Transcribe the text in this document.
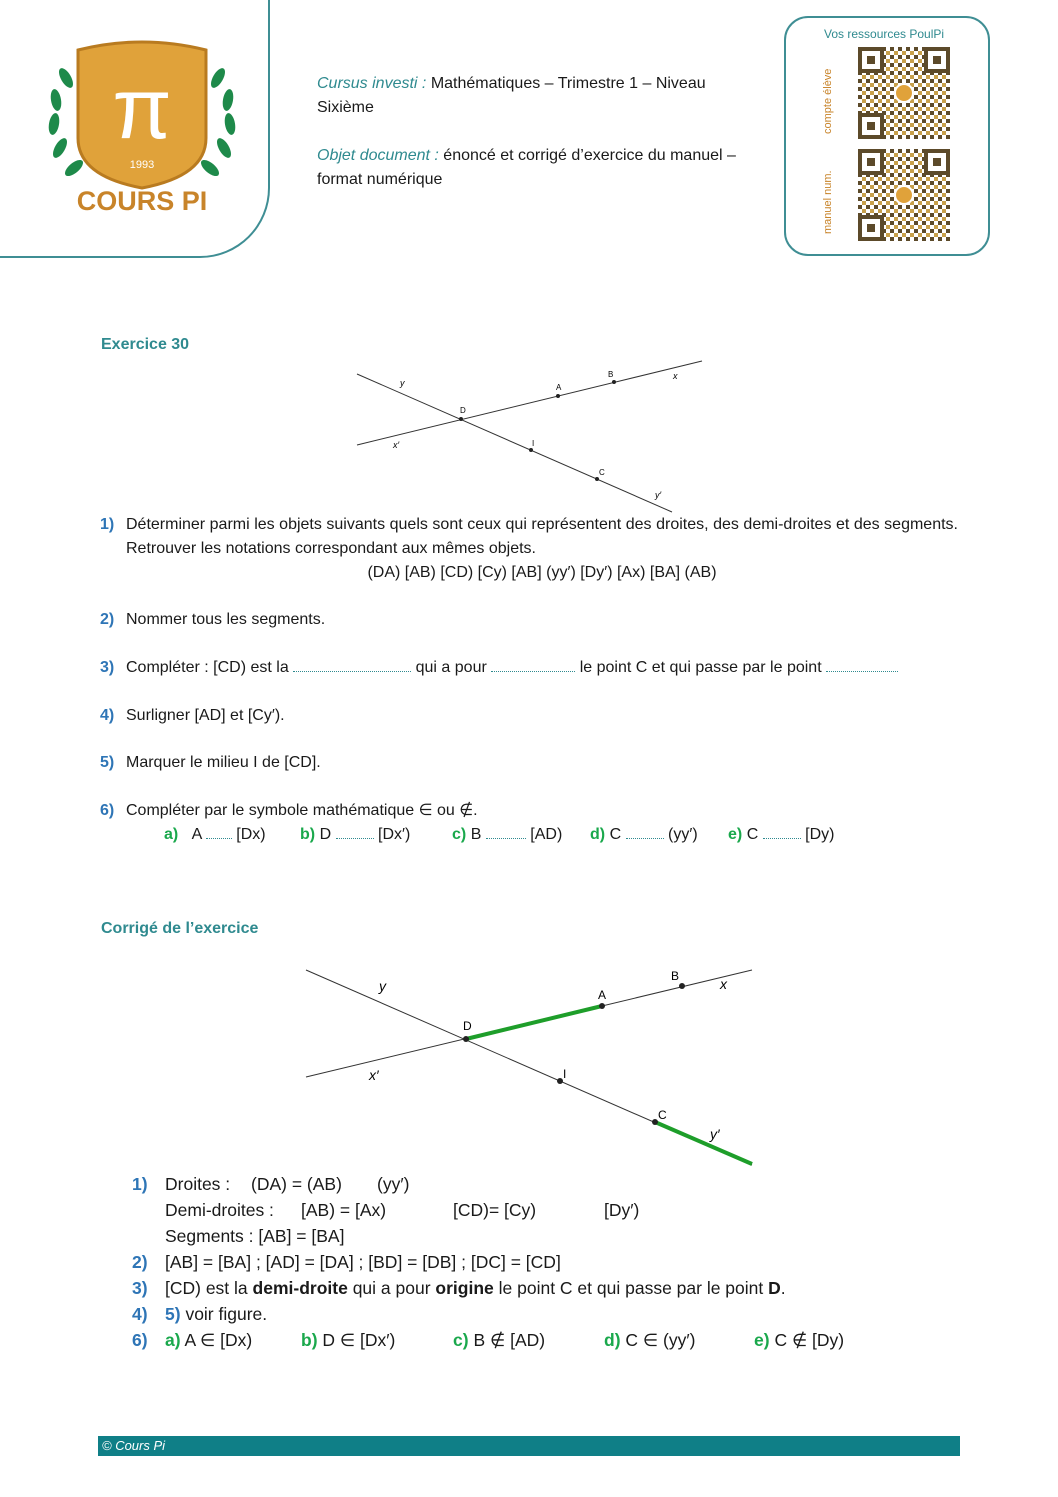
π
1993
COURS PI

Cursus investi : Mathématiques – Trimestre 1 – Niveau Sixième

Objet document : énoncé et corrigé d’exercice du manuel – format numérique

Vos ressources PoulPi
compte élève
manuel num.
Exercice 30
y	A
B	x
D
x′	I
C
y′
1) Déterminer parmi les objets suivants quels sont ceux qui représentent des droites, des demi-droites et des segments. Retrouver les notations correspondant aux mêmes objets.
(DA) [AB) [CD) [Cy) [AB] (yy′) [Dy′) [Ax) [BA] (AB)
2) Nommer tous les segments.
3) Compléter : [CD) est la	qui a pour	le point C et qui passe par le point
4) Surligner [AD] et [Cy′).
5) Marquer le milieu I de [CD].
6) Compléter par le symbole mathématique ∈ ou ∉.
a) A [Dx) b) D	[Dx′)	c) B	[AD) d) C	(yy′) e) C	[Dy)
Corrigé de l’exercice
y
A
B	x
D
x′	I
C
y′
1) Droites : (DA) = (AB) (yy′)
Demi-droites : [AB) = [Ax)	[CD)= [Cy)	[Dy′)
Segments : [AB] = [BA]
2) [AB] = [BA] ; [AD] = [DA] ; [BD] = [DB] ; [DC] = [CD]
3) [CD) est la demi-droite qui a pour origine le point C et qui passe par le point D.
4) 5) voir figure.
6) a) A ∈ [Dx)	b) D ∈ [Dx′)	c) B ∉ [AD)	d) C ∈ (yy′)	e) C ∉ [Dy)
© Cours Pi
